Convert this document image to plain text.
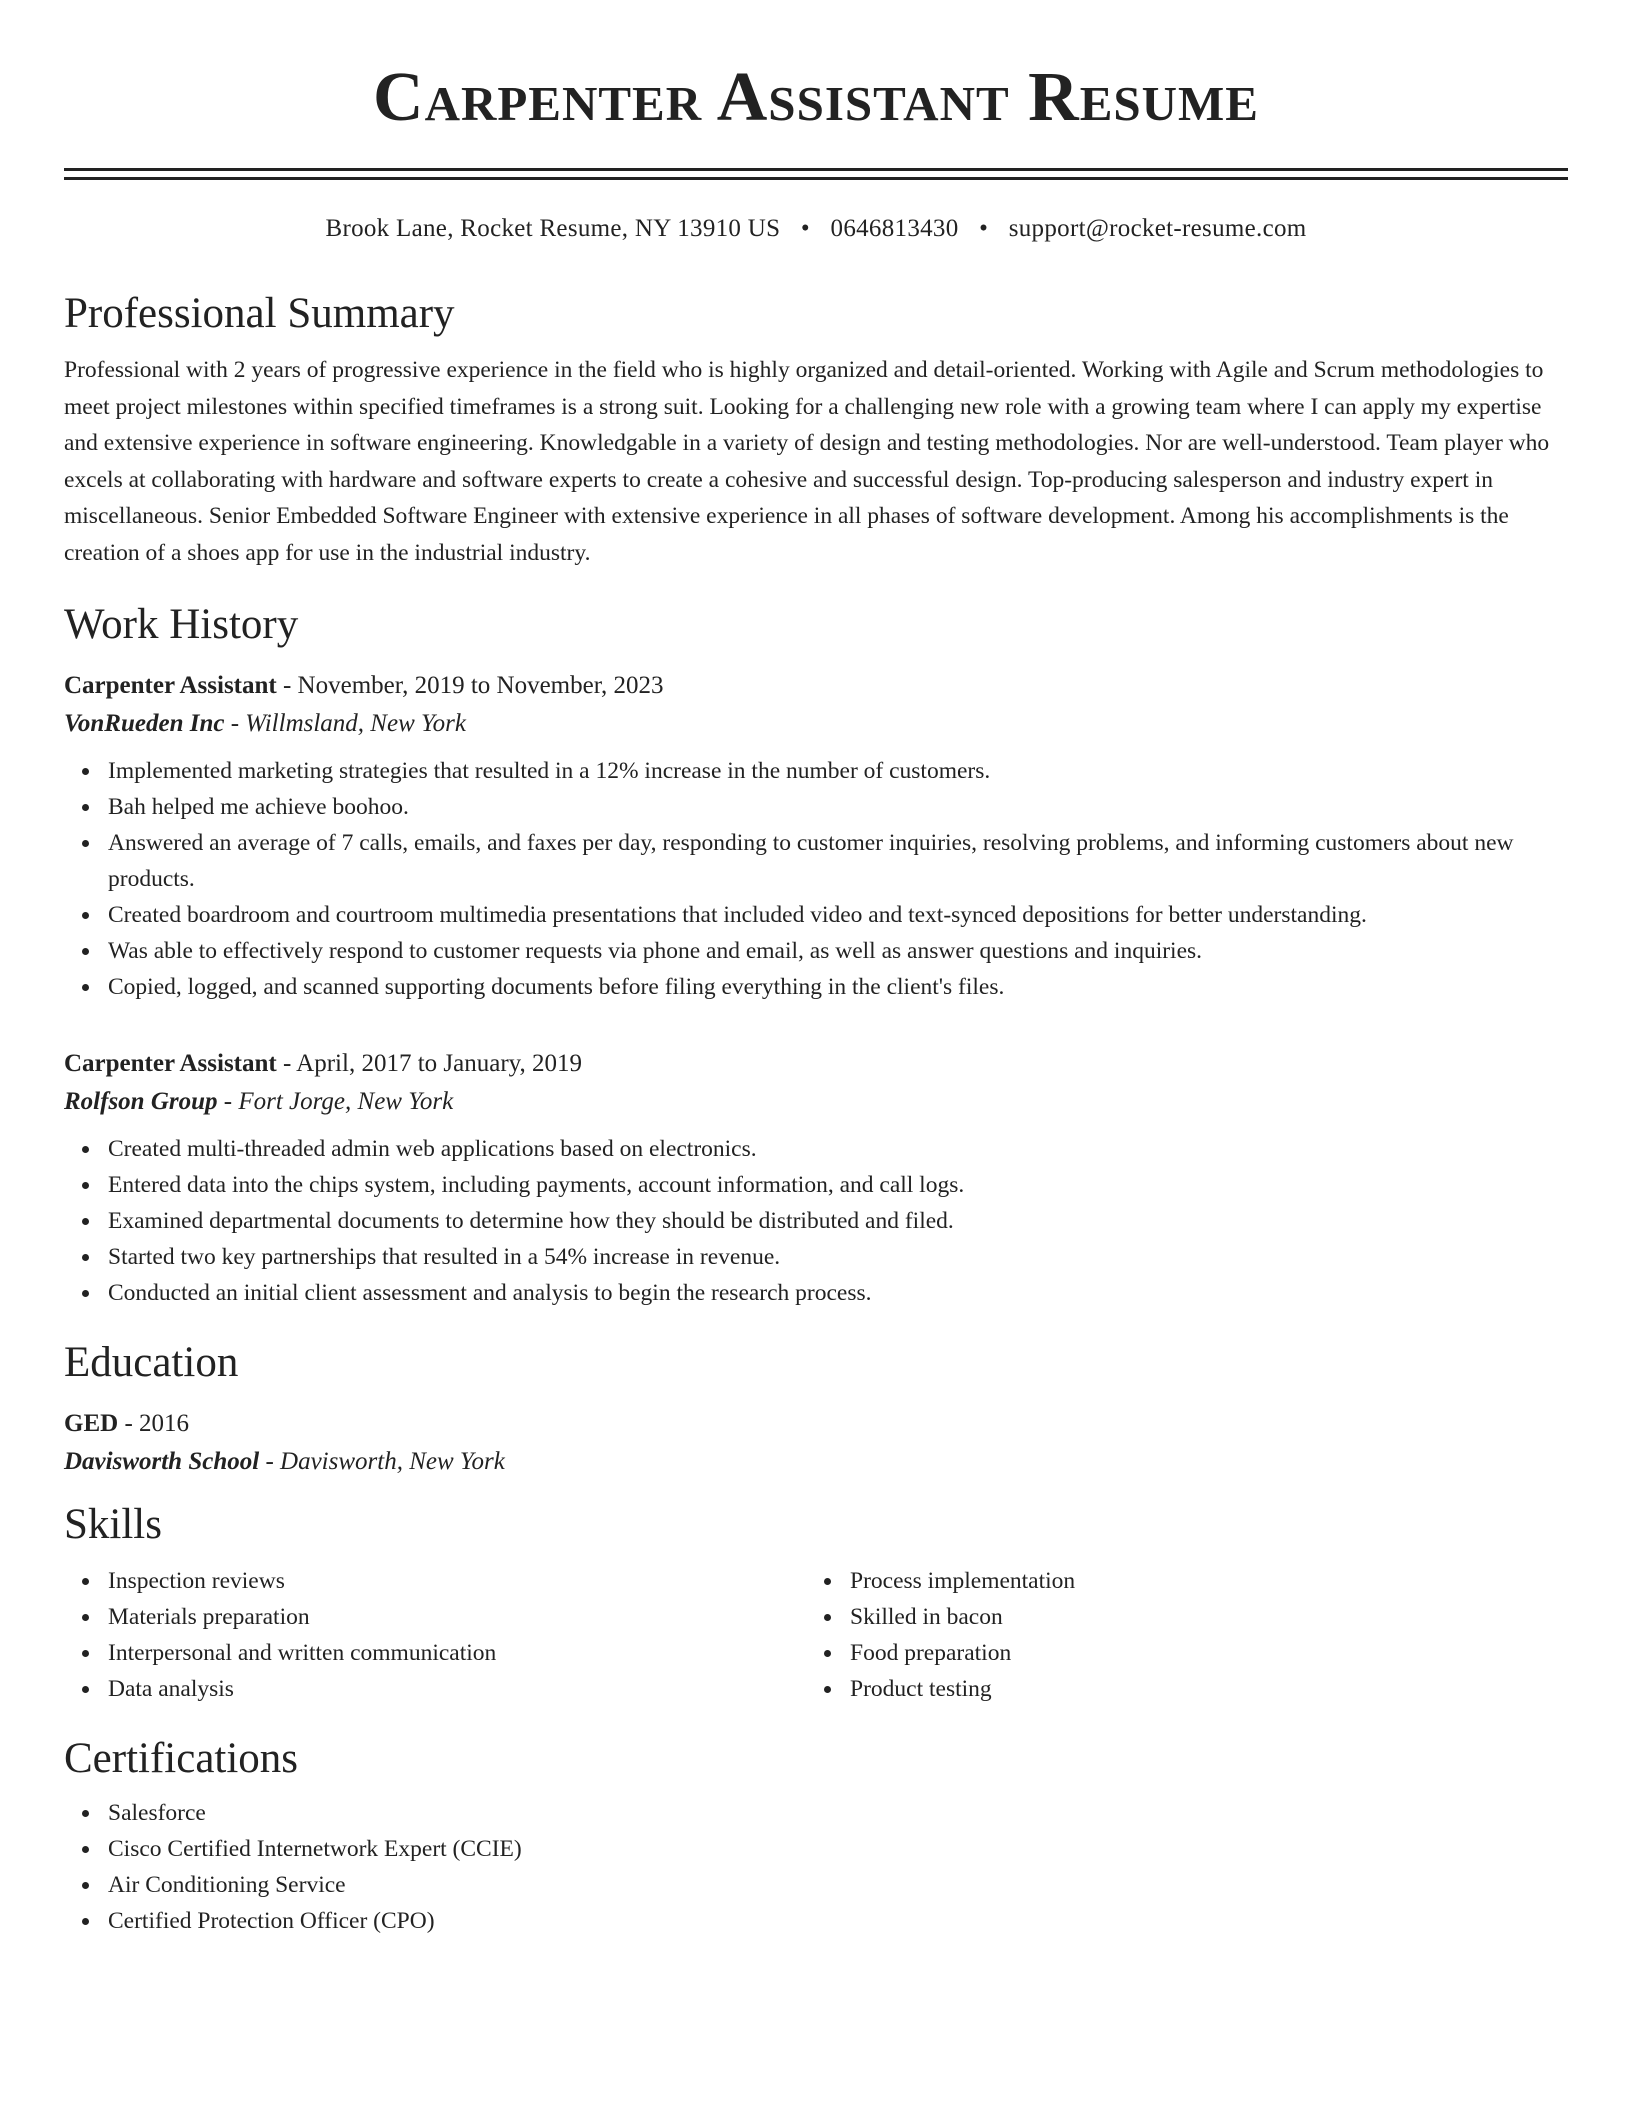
Carpenter Assistant Resume
Brook Lane, Rocket Resume, NY 13910 US • 0646813430 • support@rocket-resume.com
Professional Summary

Professional with 2 years of progressive experience in the field who is highly organized and detail-oriented. Working with Agile and Scrum methodologies to meet project milestones within specified timeframes is a strong suit. Looking for a challenging new role with a growing team where I can apply my expertise and extensive experience in software engineering. Knowledgable in a variety of design and testing methodologies. Nor are well-understood. Team player who excels at collaborating with hardware and software experts to create a cohesive and successful design. Top-producing salesperson and industry expert in miscellaneous. Senior Embedded Software Engineer with extensive experience in all phases of software development. Among his accomplishments is the creation of a shoes app for use in the industrial industry.

Work History
Carpenter Assistant - November, 2019 to November, 2023
VonRueden Inc - Willmsland, New York
Implemented marketing strategies that resulted in a 12% increase in the number of customers.
Bah helped me achieve boohoo.
Answered an average of 7 calls, emails, and faxes per day, responding to customer inquiries, resolving problems, and informing customers about new products.
Created boardroom and courtroom multimedia presentations that included video and text-synced depositions for better understanding.
Was able to effectively respond to customer requests via phone and email, as well as answer questions and inquiries.
Copied, logged, and scanned supporting documents before filing everything in the client's files.
Carpenter Assistant - April, 2017 to January, 2019
Rolfson Group - Fort Jorge, New York
Created multi-threaded admin web applications based on electronics.
Entered data into the chips system, including payments, account information, and call logs.
Examined departmental documents to determine how they should be distributed and filed.
Started two key partnerships that resulted in a 54% increase in revenue.
Conducted an initial client assessment and analysis to begin the research process.
Education
GED - 2016
Davisworth School - Davisworth, New York
Skills
Inspection reviews
Materials preparation
Interpersonal and written communication
Data analysis
Process implementation
Skilled in bacon
Food preparation
Product testing
Certifications
Salesforce
Cisco Certified Internetwork Expert (CCIE)
Air Conditioning Service
Certified Protection Officer (CPO)
